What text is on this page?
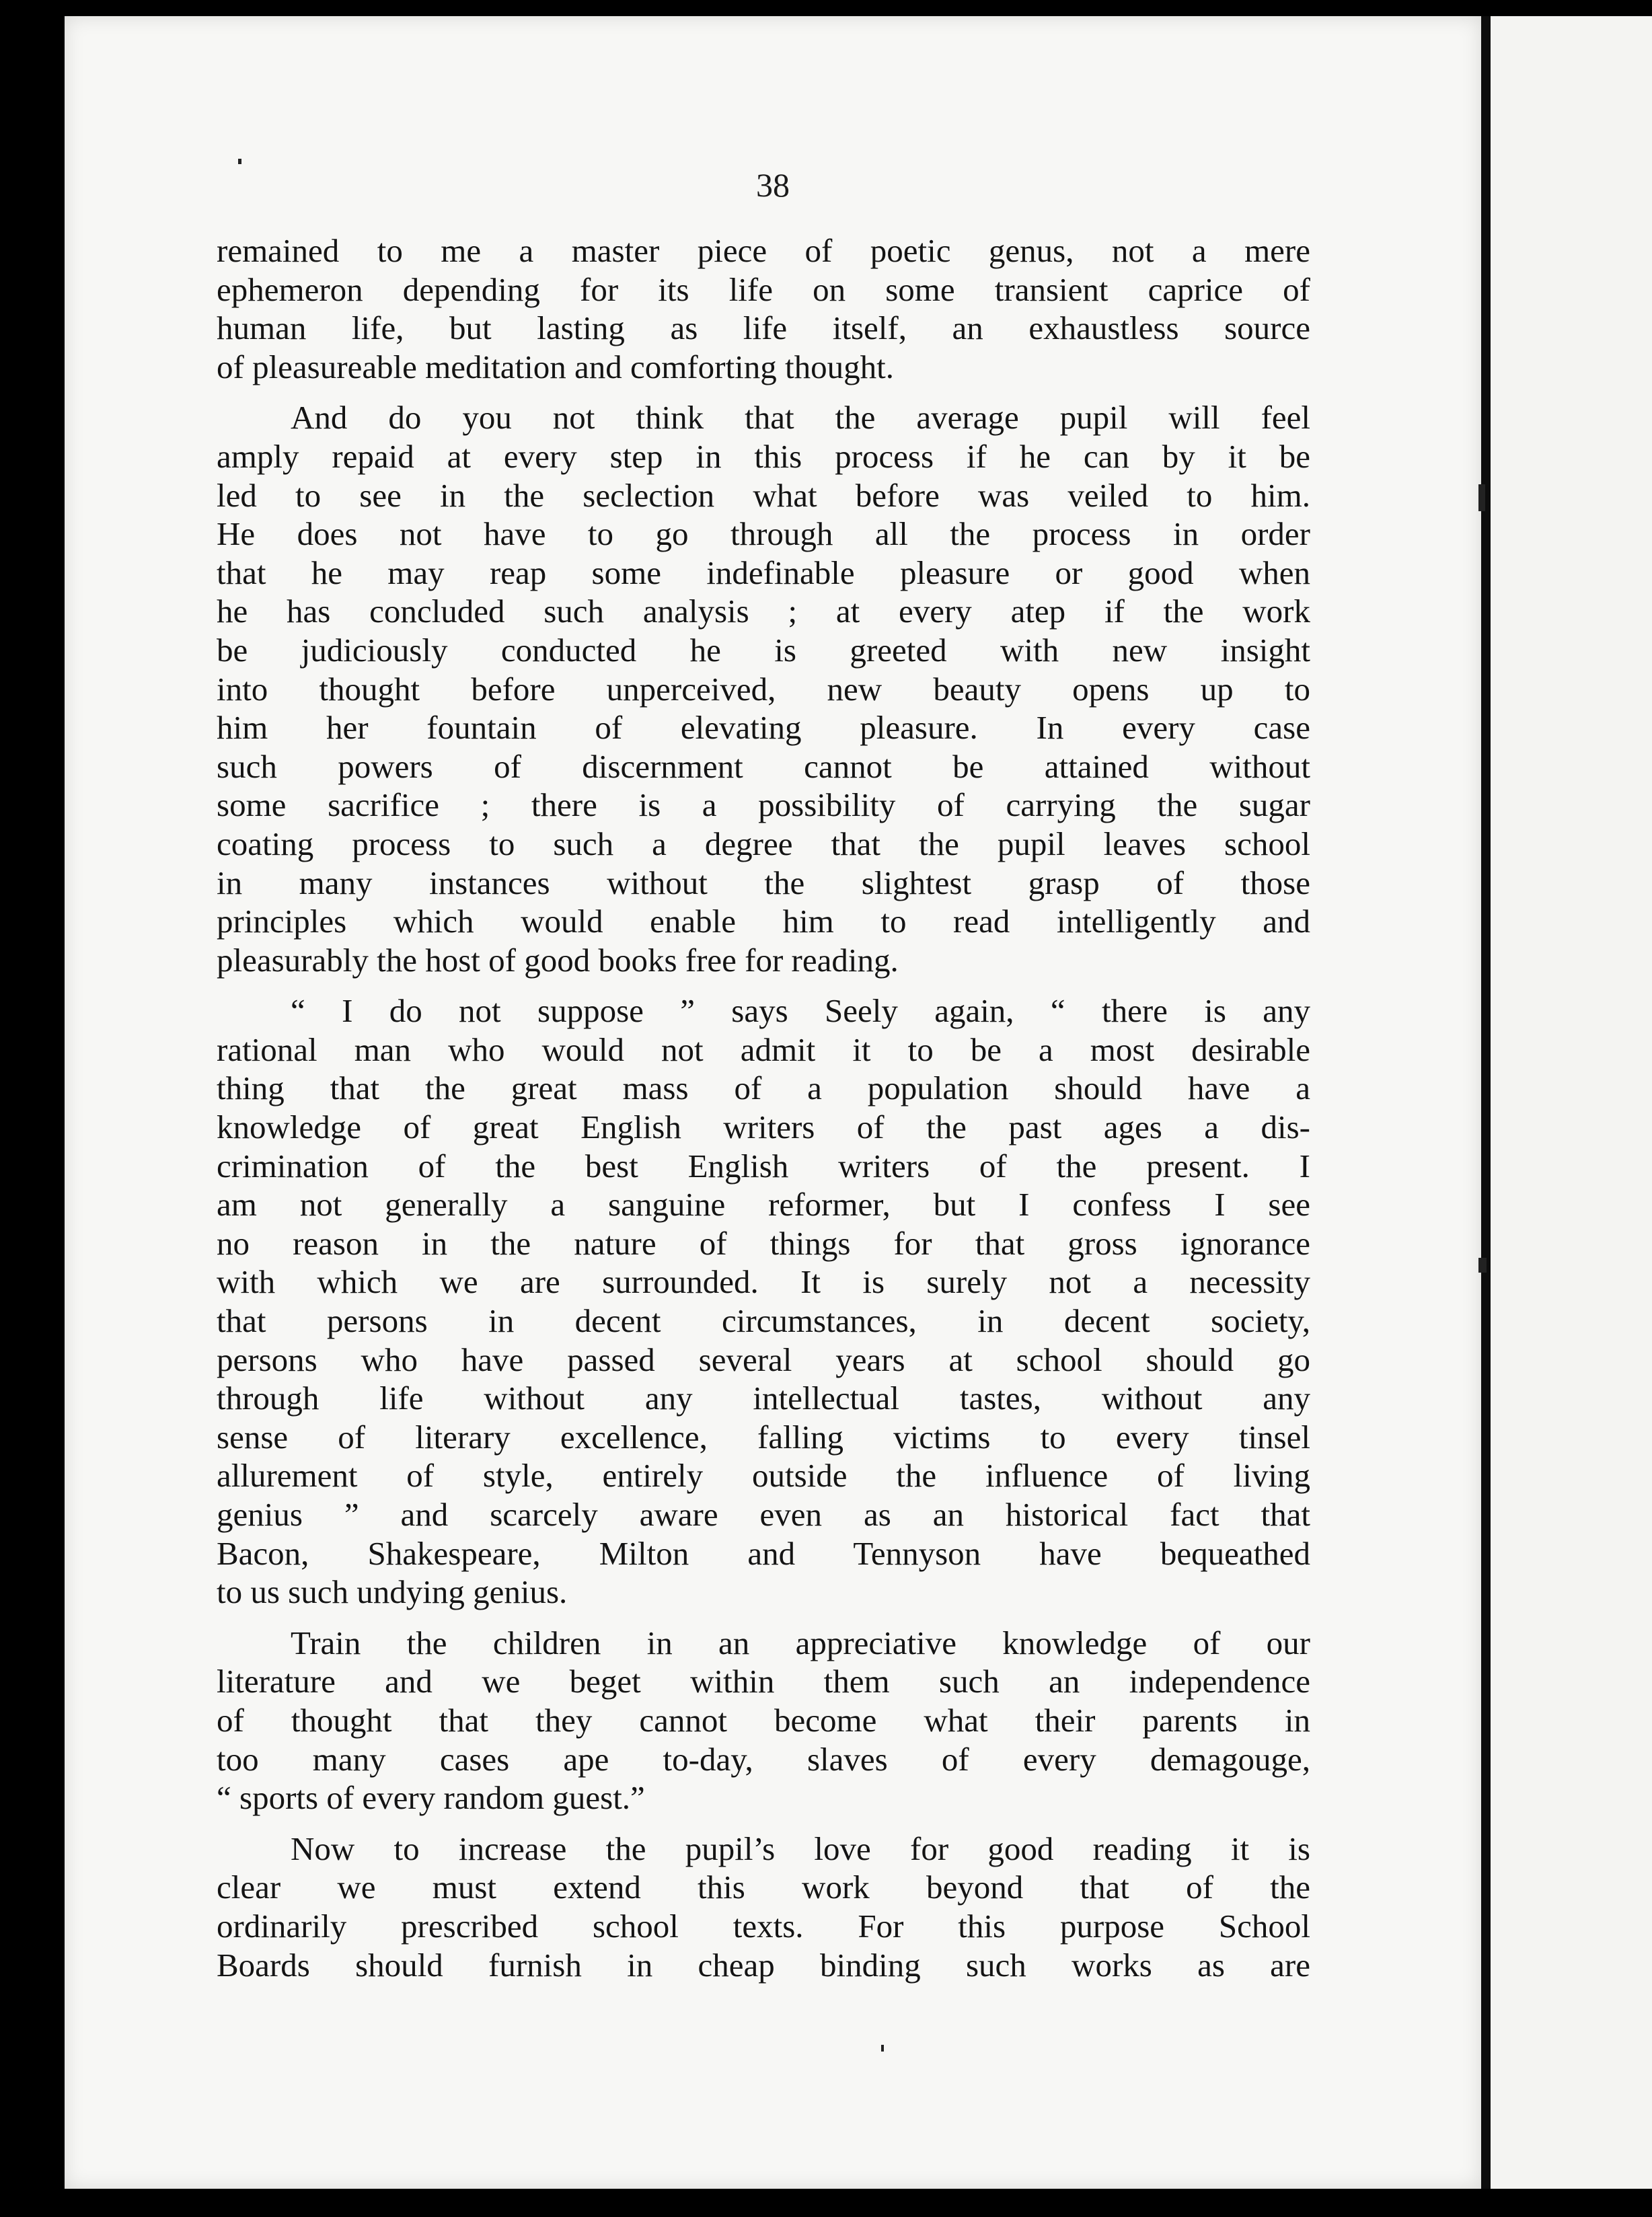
38

remained to me a master piece of poetic genus, not a mere
ephemeron depending for its life on some transient caprice of
human life, but lasting as life itself, an exhaustless source
of pleasureable meditation and comforting thought.

And do you not think that the average pupil will feel
amply repaid at every step in this process if he can by it be
led to see in the seclection what before was veiled to him.
He does not have to go through all the process in order
that he may reap some indefinable pleasure or good when
he has concluded such analysis ; at every atep if the work
be judiciously conducted he is greeted with new insight
into thought before unperceived, new beauty opens up to
him her fountain of elevating pleasure. In every case
such powers of discernment cannot be attained without
some sacrifice ; there is a possibility of carrying the sugar
coating process to such a degree that the pupil leaves school
in many instances without the slightest grasp of those
principles which would enable him to read intelligently and
pleasurably the host of good books free for reading.

“ I do not suppose ” says Seely again, “ there is any
rational man who would not admit it to be a most desirable
thing that the great mass of a population should have a
knowledge of great English writers of the past ages a dis-
crimination of the best English writers of the present. I
am not generally a sanguine reformer, but I confess I see
no reason in the nature of things for that gross ignorance
with which we are surrounded. It is surely not a necessity
that persons in decent circumstances, in decent society,
persons who have passed several years at school should go
through life without any intellectual tastes, without any
sense of literary excellence, falling victims to every tinsel
allurement of style, entirely outside the influence of living
genius ” and scarcely aware even as an historical fact that
Bacon, Shakespeare, Milton and Tennyson have bequeathed
to us such undying genius.

Train the children in an appreciative knowledge of our
literature and we beget within them such an independence
of thought that they cannot become what their parents in
too many cases ape to-day, slaves of every demagouge,
“ sports of every random guest.”

Now to increase the pupil’s love for good reading it is
clear we must extend this work beyond that of the
ordinarily prescribed school texts. For this purpose School
Boards should furnish in cheap binding such works as are
